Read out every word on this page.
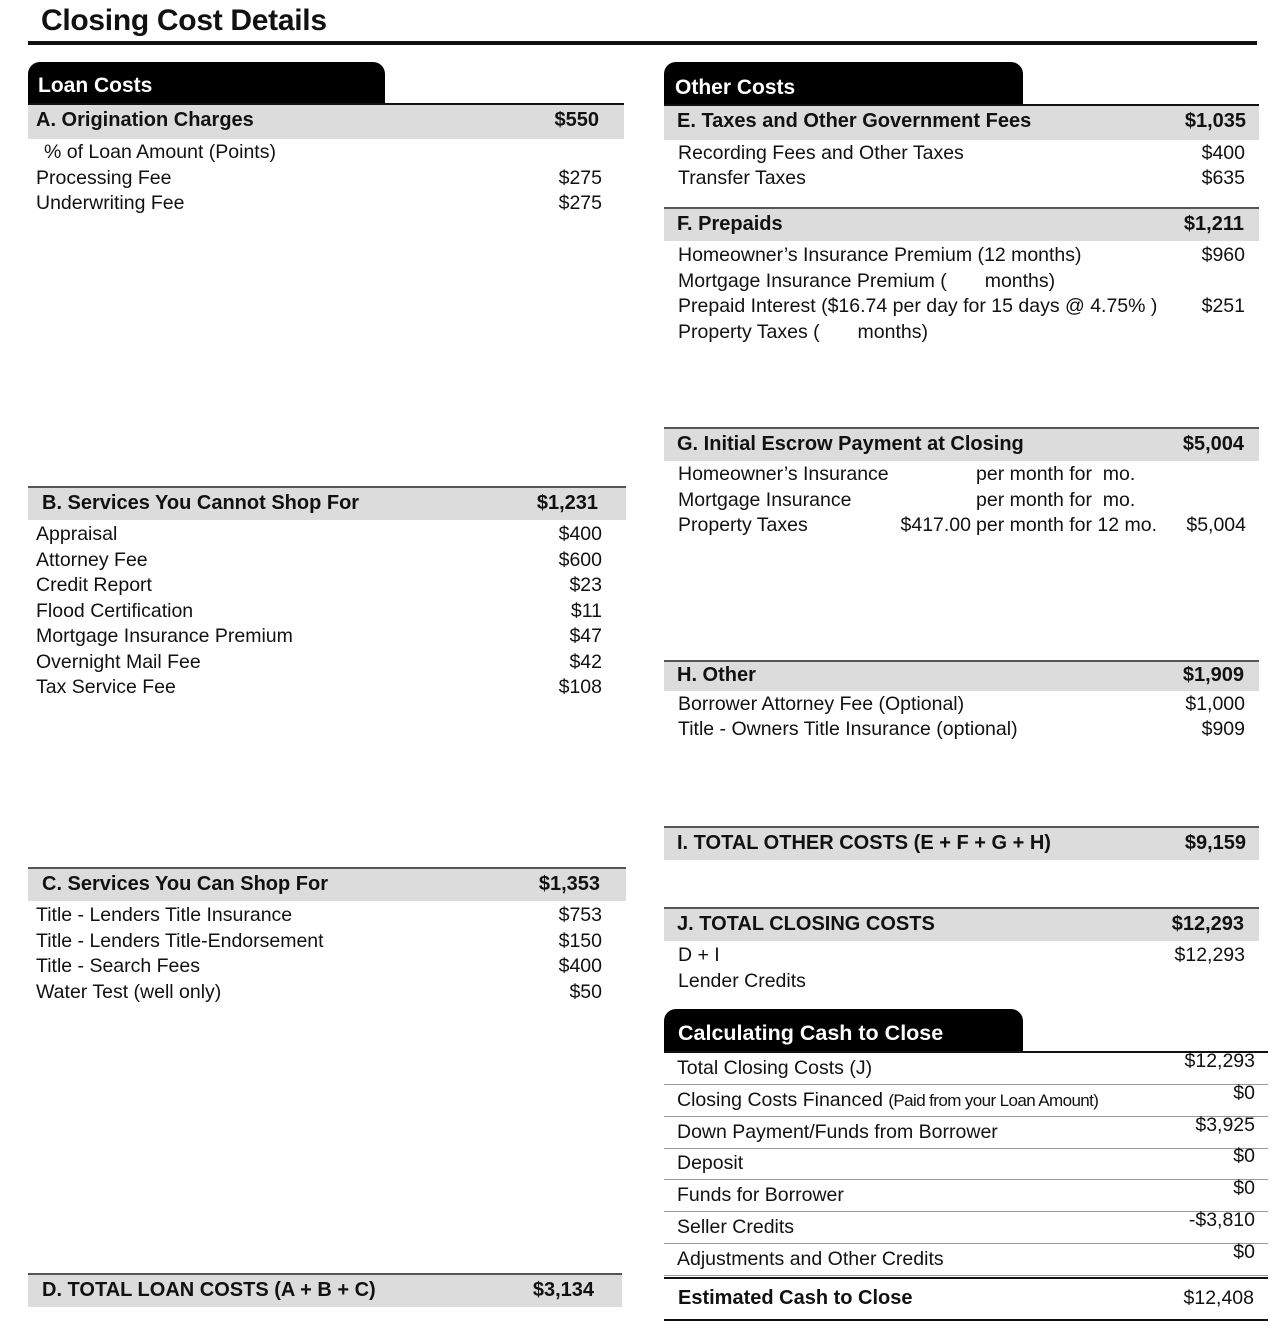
Closing Cost Details
Loan Costs
A. Origination Charges	$550
% of Loan Amount (Points)
Processing Fee	$275
Underwriting Fee	$275
B. Services You Cannot Shop For	$1,231
Appraisal	$400
Attorney Fee	$600
Credit Report	$23
Flood Certification	$11
Mortgage Insurance Premium	$47
Overnight Mail Fee	$42
Tax Service Fee	$108
C. Services You Can Shop For	$1,353
Title - Lenders Title Insurance	$753
Title - Lenders Title-Endorsement	$150
Title - Search Fees	$400
Water Test (well only)	$50
D. TOTAL LOAN COSTS (A + B + C)	$3,134
Other Costs
E. Taxes and Other Government Fees	$1,035
Recording Fees and Other Taxes	$400
Transfer Taxes	$635
F. Prepaids	$1,211
Homeowner’s Insurance Premium (12 months)	$960
Mortgage Insurance Premium (       months)
Prepaid Interest ($16.74 per day for 15 days @ 4.75% ) $251
Property Taxes (       months)
G. Initial Escrow Payment at Closing	$5,004
Homeowner’s Insurance	per month for  mo.
Mortgage Insurance	per month for  mo.
Property Taxes	$417.00 per month for 12 mo. $5,004
H. Other	$1,909
Borrower Attorney Fee (Optional)	$1,000
Title - Owners Title Insurance (optional)	$909
I. TOTAL OTHER COSTS (E + F + G + H)	$9,159
J. TOTAL CLOSING COSTS	$12,293
D + I	$12,293
Lender Credits
Calculating Cash to Close
Total Closing Costs (J)	$12,293
Closing Costs Financed (Paid from your Loan Amount)	$0
Down Payment/Funds from Borrower	$3,925
Deposit	$0
Funds for Borrower	$0
Seller Credits	-$3,810
Adjustments and Other Credits	$0
Estimated Cash to Close	$12,408
